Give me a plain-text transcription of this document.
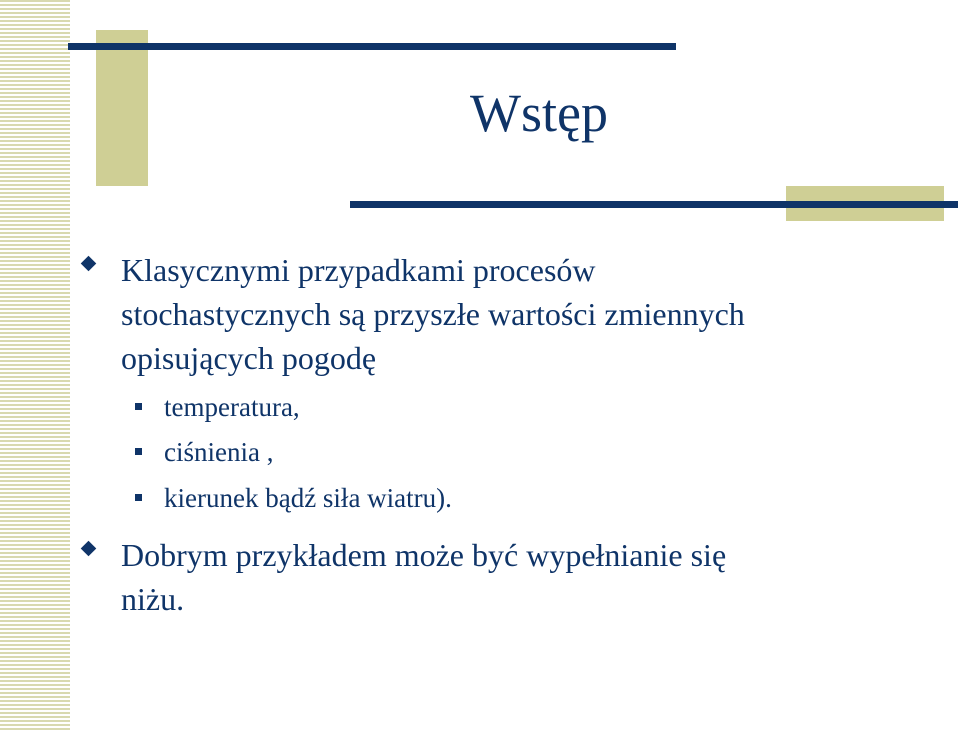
Wstęp
Klasycznymi przypadkami procesów
stochastycznych są przyszłe wartości zmiennych
opisujących pogodę
temperatura,
ciśnienia ,
kierunek bądź siła wiatru).
Dobrym przykładem może być wypełnianie się
niżu.
